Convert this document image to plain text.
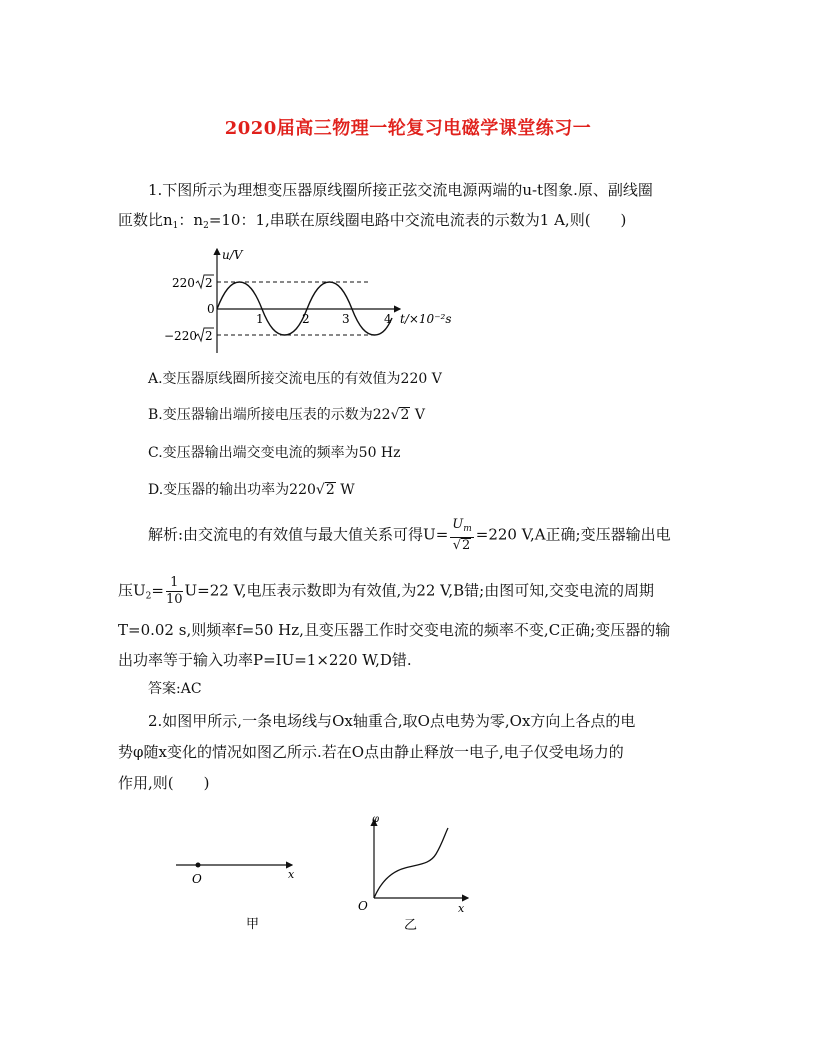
2020届高三物理一轮复习电磁学课堂练习一
1.下图所示为理想变压器原线圈所接正弦交流电源两端的u-t图象.原、副线圈
匝数比$n_1$：$n_2=10$：1,串联在原线圈电路中交流电流表的示数为1 A,则(　　)
1	2	3	4 t/×10⁻²s
u/V
0
220 2
−220 2
A.变压器原线圈所接交流电压的有效值为220 V
B.变压器输出端所接电压表的示数为22√2 V
C.变压器输出端交变电流的频率为50 Hz
D.变压器的输出功率为220√2 W
解析:由交流电的有效值与最大值关系可得$U= \frac{U_m}{√2} =220$ V,A正确;变压器输出电
压$U_2= \frac{1}{10} U=22$ V,电压表示数即为有效值,为22 V,B错;由图可知,交变电流的周期
T=0.02 s,则频率f=50 Hz,且变压器工作时交变电流的频率不变,C正确;变压器的输
出功率等于输入功率P=IU=1×220 W,D错.
答案:AC
2.如图甲所示,一条电场线与Ox轴重合,取O点电势为零,Ox方向上各点的电
势φ随x变化的情况如图乙所示.若在O点由静止释放一电子,电子仅受电场力的
作用,则(　　)
O	x
甲
φ
O	x
乙
